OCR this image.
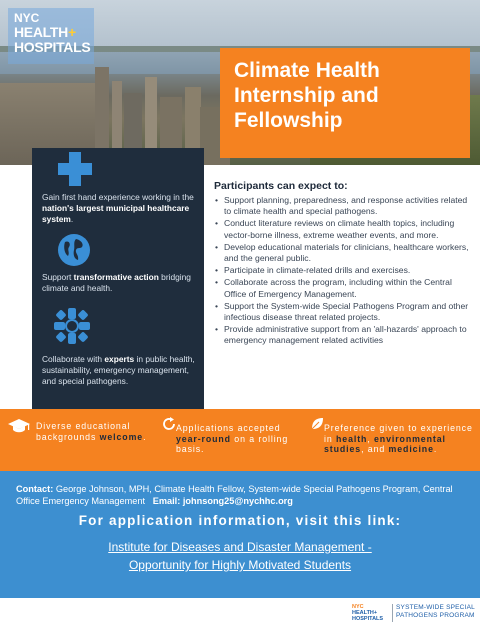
NYC
HEALTH+
HOSPITALS
Climate Health
Internship and
Fellowship
Gain first hand experience working in the nation's largest municipal healthcare system.
Support transformative action bridging climate and health.
Collaborate with experts in public health, sustainability, emergency management, and special pathogens.
Participants can expect to:
• Support planning, preparedness, and response activities related to climate health and special pathogens.
• Conduct literature reviews on climate health topics, including vector-borne illness, extreme weather events, and more.
• Develop educational materials for clinicians, healthcare workers, and the general public.
• Participate in climate-related drills and exercises.
• Collaborate across the program, including within the Central Office of Emergency Management.
• Support the System-wide Special Pathogens Program and other infectious disease threat related projects.
• Provide administrative support from an 'all-hazards' approach to emergency management related activities
Diverse educational backgrounds welcome.
Applications accepted year-round on a rolling basis.
Preference given to experience in health, environmental studies, and medicine.
Contact: George Johnson, MPH, Climate Health Fellow, System-wide Special Pathogens Program, Central Office Emergency Management Email: johnsong25@nychhc.org
For application information, visit this link:
Institute for Diseases and Disaster Management -
Opportunity for Highly Motivated Students
NYC
HEALTH+ HOSPITALS
SYSTEM-WIDE SPECIAL
PATHOGENS PROGRAM
